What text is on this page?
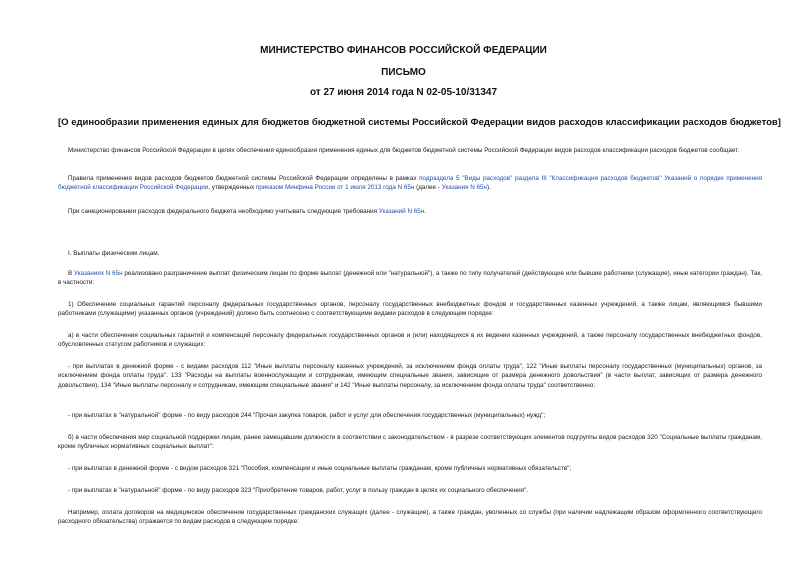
МИНИСТЕРСТВО ФИНАНСОВ РОССИЙСКОЙ ФЕДЕРАЦИИ
ПИСЬМО
от 27 июня 2014 года N 02-05-10/31347
[О единообразии применения единых для бюджетов бюджетной системы Российской Федерации видов расходов классификации расходов бюджетов]

Министерство финансов Российской Федерации в целях обеспечения единообразия применения единых для бюджетов бюджетной системы Российской Федерации видов расходов классификации расходов бюджетов сообщает.

Правила применения видов расходов бюджетов бюджетной системы Российской Федерации определены в рамках подраздела 5 "Виды расходов" раздела III "Классификация расходов бюджетов" Указаний о порядке применения бюджетной классификации Российской Федерации, утвержденных приказом Минфина России от 1 июля 2013 года N 65н (далее - Указания N 65н).

При санкционировании расходов федерального бюджета необходимо учитывать следующие требования Указаний N 65н.

I. Выплаты физическим лицам.

В Указаниях N 65н реализовано разграничение выплат физическим лицам по форме выплат (денежной или "натуральной"), а также по типу получателей (действующие или бывшие работники (служащие), иные категории граждан). Так, в частности:

1) Обеспечение социальных гарантий персоналу федеральных государственных органов, персоналу государственных внебюджетных фондов и государственных казенных учреждений, а также лицам, являющимся бывшими работниками (служащими) указанных органов (учреждений) должно быть соотнесено с соответствующими видами расходов в следующем порядке:

а) в части обеспечения социальных гарантий и компенсаций персоналу федеральных государственных органов и (или) находящихся в их ведении казенных учреждений, а также персоналу государственных внебюджетных фондов, обусловленных статусом работников и служащих:

- при выплатах в денежной форме - с видами расходов 112 "Иные выплаты персоналу казенных учреждений, за исключением фонда оплаты труда", 122 "Иные выплаты персоналу государственных (муниципальных) органов, за исключением фонда оплаты труда", 133 "Расходы на выплаты военнослужащим и сотрудникам, имеющим специальные звания, зависящие от размера денежного довольствия" (в части выплат, зависящих от размера денежного довольствия), 134 "Иные выплаты персоналу и сотрудникам, имеющим специальные звания" и 142 "Иные выплаты персоналу, за исключением фонда оплаты труда" соответственно;

- при выплатах в "натуральной" форме - по виду расходов 244 "Прочая закупка товаров, работ и услуг для обеспечения государственных (муниципальных) нужд";

б) в части обеспечения мер социальной поддержки лицам, ранее замещавшим должности в соответствии с законодательством - в разрезе соответствующих элементов подгруппы видов расходов 320 "Социальные выплаты гражданам, кроме публичных нормативных социальных выплат":

- при выплатах в денежной форме - с видом расходов 321 "Пособия, компенсации и иные социальные выплаты гражданам, кроме публичных нормативных обязательств";

- при выплатах в "натуральной" форме - по виду расходов 323 "Приобретение товаров, работ, услуг в пользу граждан в целях их социального обеспечения".

Например, оплата договоров на медицинское обеспечение государственных гражданских служащих (далее - служащие), а также граждан, уволенных со службы (при наличии надлежащим образом оформленного соответствующего расходного обязательства) отражается по видам расходов в следующем порядке:
